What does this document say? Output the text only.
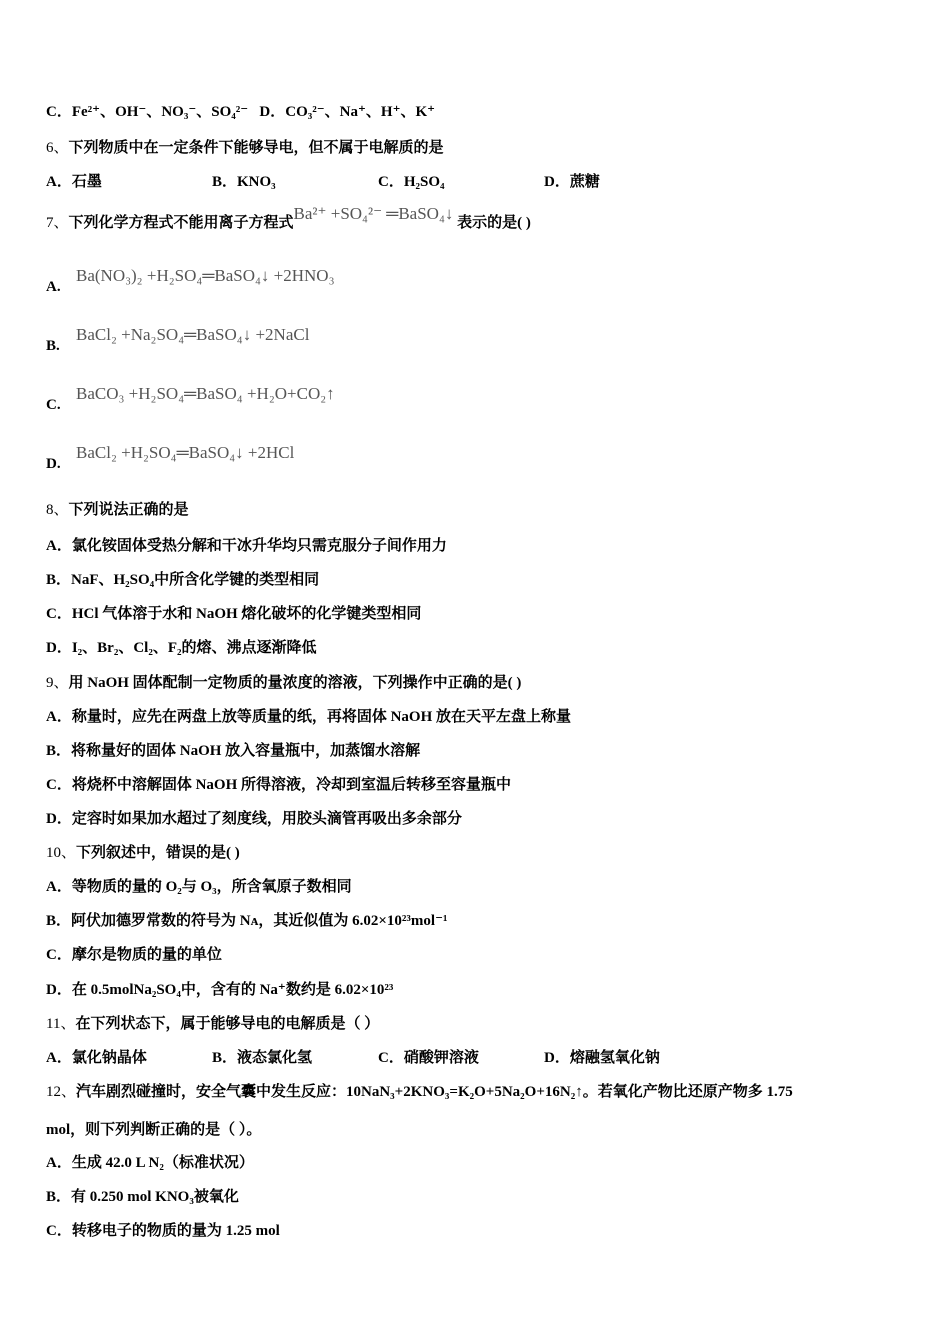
C．Fe²⁺、OH⁻、NO₃⁻、SO₄²⁻ D．CO₃²⁻、Na⁺、H⁺、K⁺
6、下列物质中在一定条件下能够导电，但不属于电解质的是
A．石墨	B．KNO₃	C．H₂SO₄	D．蔗糖
7、下列化学方程式不能用离子方程式Ba²⁺ +SO₄²⁻ ═BaSO₄↓ 表示的是( )
A.Ba(NO₃)₂ +H₂SO₄═BaSO₄↓ +2HNO₃
B.BaCl₂ +Na₂SO₄═BaSO₄↓ +2NaCl
C.BaCO₃ +H₂SO₄═BaSO₄ +H₂O+CO₂↑
D.BaCl₂ +H₂SO₄═BaSO₄↓ +2HCl
8、下列说法正确的是
A．氯化铵固体受热分解和干冰升华均只需克服分子间作用力
B．NaF、H₂SO₄中所含化学键的类型相同
C．HCl 气体溶于水和 NaOH 熔化破坏的化学键类型相同
D．I₂、Br₂、Cl₂、F₂的熔、沸点逐渐降低
9、用 NaOH 固体配制一定物质的量浓度的溶液，下列操作中正确的是( )
A．称量时，应先在两盘上放等质量的纸，再将固体 NaOH 放在天平左盘上称量
B．将称量好的固体 NaOH 放入容量瓶中，加蒸馏水溶解
C．将烧杯中溶解固体 NaOH 所得溶液，冷却到室温后转移至容量瓶中
D．定容时如果加水超过了刻度线，用胶头滴管再吸出多余部分
10、下列叙述中，错误的是( )
A．等物质的量的 O₂与 O₃，所含氧原子数相同
B．阿伏加德罗常数的符号为 Nᴀ，其近似值为 6.02×10²³mol⁻¹
C．摩尔是物质的量的单位
D．在 0.5molNa₂SO₄中，含有的 Na⁺数约是 6.02×10²³
11、在下列状态下，属于能够导电的电解质是（ ）
A．氯化钠晶体	B．液态氯化氢	C．硝酸钾溶液	D．熔融氢氧化钠
12、汽车剧烈碰撞时，安全气囊中发生反应：10NaN₃+2KNO₃=K₂O+5Na₂O+16N₂↑。若氧化产物比还原产物多 1.75
mol，则下列判断正确的是（ ）。
A．生成 42.0 L N₂（标准状况）
B．有 0.250 mol KNO₃被氧化
C．转移电子的物质的量为 1.25 mol
